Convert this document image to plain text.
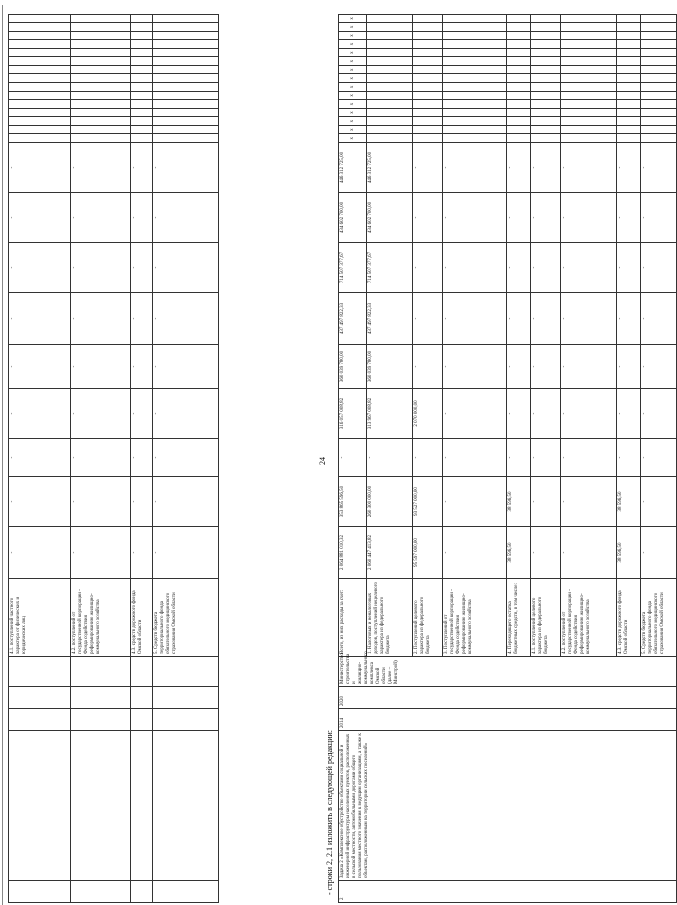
					4.1. поступлений частного характера от физических и юридических лиц	-	-	-	-	-	-	-	-	-															
					4.2. поступлений от государственной корпорации - Фонда содействия реформированию жилищно-коммунального хозяйства	-	-	-	-	-	-	-	-	-															
					4.3. средств дорожного фонда Омской области	-	-	-	-	-	-	-	-	-															
					5. Средств бюджета территориального фонда обязательного медицинского страхования Омской области	-	-	-	-	-	-	-	-	-															
24
- строки 2, 2.1 изложить в следующей редакции:
2	Задача 2 «Комплексное обустройство объектами социальной и инженерной инфраструктуры населенных пунктов, расположенных в сельской местности, автомобильными дорогами общего пользования местного значения к ведущим организациям, а также к объектам, расположенным на территории сельских поселений»	2014	2020	Министерство строительства и жилищно-коммунального комплекса Омской области (далее – Минстрой)	Всего, из них расходы за счет:	2 064 881 010,32	353 865 596,50	-	316 057 008,82	360 039 780,00	437 497 822,33	714 507 377,67	434 602 700,00	446 312 725,00	х	х	х	х	х	х	х	х	х	х	х	х	х	х	х
					1. Налоговых и неналоговых доходов, поступлений нецелевого характера из федерального бюджета	2 060 447 413,82	260 300 000,00	-	313 967 008,82	360 039 780,00	437 497 822,33	714 507 377,67	434 602 700,00	446 312 725,00															
					2. Поступлений целевого характера из федерального бюджета	95 597 000,00	93 527 000,00	-	2 070 000,00	-	-	-	-	-															
					3. Поступлений от государственной корпорации - Фонда содействия реформированию жилищно-коммунального хозяйства	-	-	-	-	-	-	-	-	-															
					4. Переходящего остатка бюджетных средств, в том числе:	38 596,50	38 596,50	-	-	-	-	-	-	-															
					4.1. поступлений целевого характера из федерального бюджета	-	-	-	-	-	-	-	-	-															
					4.2. поступлений от государственной корпорации - Фонда содействия реформированию жилищно-коммунального хозяйства	-	-	-	-	-	-	-	-	-															
					4.3. средств дорожного фонда Омской области	38 596,50	38 596,50	-	-	-	-	-	-	-															
					5. Средств бюджета территориального фонда обязательного медицинского страхования Омской области	-	-	-	-	-	-	-	-	-															
